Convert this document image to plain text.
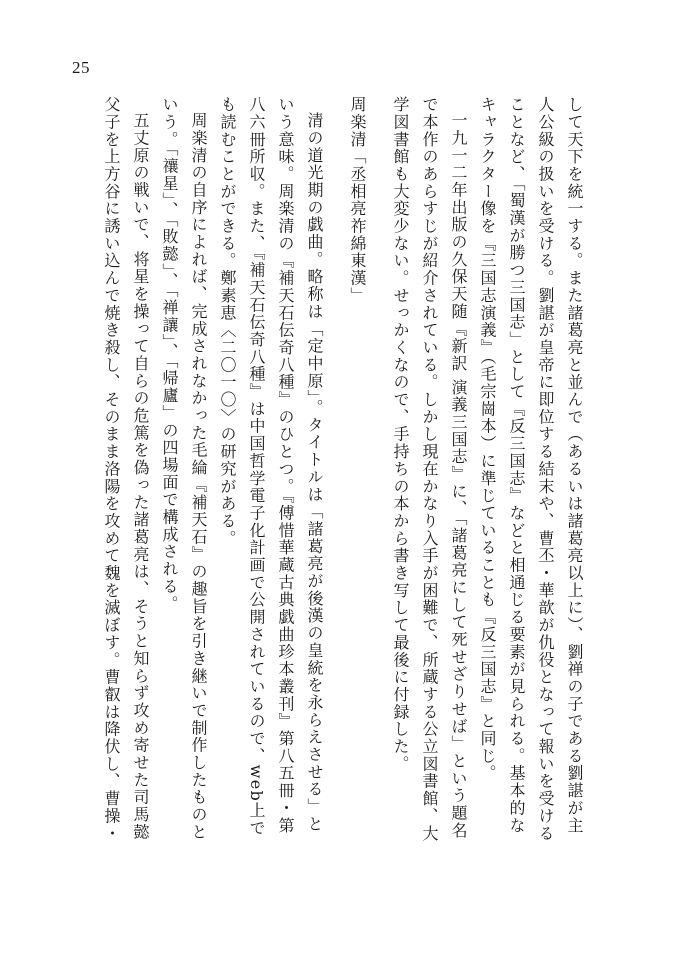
25
して天下を統一する。また諸葛亮と並んで（あるいは諸葛亮以上に）、劉禅の子である劉諶が主
人公級の扱いを受ける。劉諶が皇帝に即位する結末や、曹丕・華歆が仇役となって報いを受ける
ことなど、「蜀漢が勝つ三国志」として『反三国志』などと相通じる要素が見られる。基本的な
キャラクター像を『三国志演義』（毛宗崗本）に準じていることも『反三国志』と同じ。
一九一二年出版の久保天随『新訳 演義三国志』に、「諸葛亮にして死せざりせば」という題名
で本作のあらすじが紹介されている。しかし現在かなり入手が困難で、所蔵する公立図書館、大
学図書館も大変少ない。せっかくなので、手持ちの本から書き写して最後に付録した。
周楽清「丞相亮祚綿東漢」
清の道光期の戯曲。略称は「定中原」。タイトルは「諸葛亮が後漢の皇統を永らえさせる」と
いう意味。周楽清の『補天石伝奇八種』のひとつ。『傅惜華蔵古典戯曲珍本叢刊』第八五冊・第
八六冊所収。また、『補天石伝奇八種』は中国哲学電子化計画で公開されているので、web上で
も読むことができる。鄭素恵〈二〇一〇〉の研究がある。
周楽清の自序によれば、完成されなかった毛綸『補天石』の趣旨を引き継いで制作したものと
いう。「禳星」、「敗懿」、「禅讓」、「帰廬」の四場面で構成される。
五丈原の戦いで、将星を操って自らの危篤を偽った諸葛亮は、そうと知らず攻め寄せた司馬懿
父子を上方谷に誘い込んで焼き殺し、そのまま洛陽を攻めて魏を滅ぼす。曹叡は降伏し、曹操・
